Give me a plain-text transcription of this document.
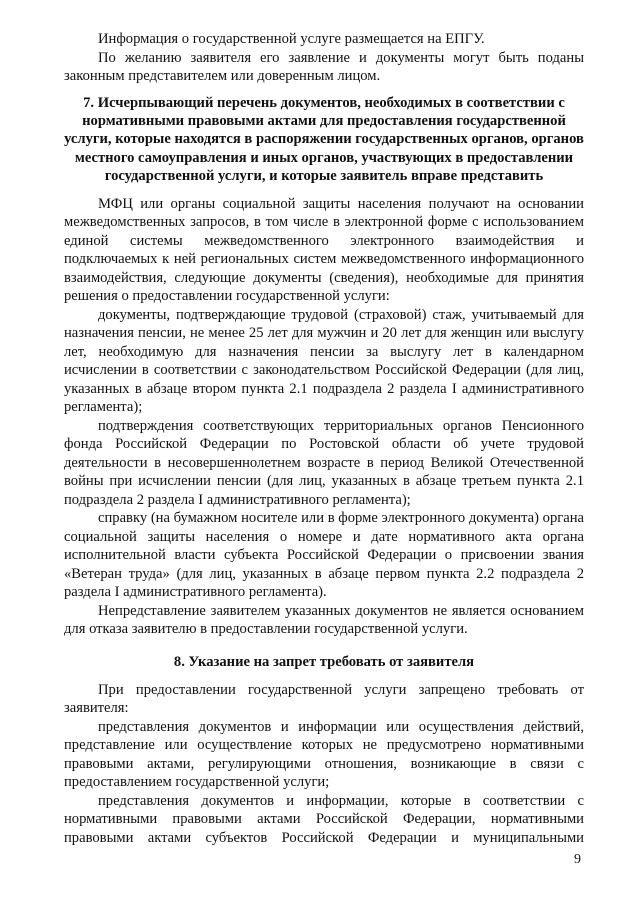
Информация о государственной услуге размещается на ЕПГУ.

По желанию заявителя его заявление и документы могут быть поданы законным представителем или доверенным лицом.

7. Исчерпывающий перечень документов, необходимых в соответствии с нормативными правовыми актами для предоставления государственной услуги, которые находятся в распоряжении государственных органов, органов местного самоуправления и иных органов, участвующих в предоставлении государственной услуги, и которые заявитель вправе представить

МФЦ или органы социальной защиты населения получают на основании межведомственных запросов, в том числе в электронной форме с использованием единой системы межведомственного электронного взаимодействия и подключаемых к ней региональных систем межведомственного информационного взаимодействия, следующие документы (сведения), необходимые для принятия решения о предоставлении государственной услуги:

документы, подтверждающие трудовой (страховой) стаж, учитываемый для назначения пенсии, не менее 25 лет для мужчин и 20 лет для женщин или выслугу лет, необходимую для назначения пенсии за выслугу лет в календарном исчислении в соответствии с законодательством Российской Федерации (для лиц, указанных в абзаце втором пункта 2.1 подраздела 2 раздела I административного регламента);

подтверждения соответствующих территориальных органов Пенсионного фонда Российской Федерации по Ростовской области об учете трудовой деятельности в несовершеннолетнем возрасте в период Великой Отечественной войны при исчислении пенсии (для лиц, указанных в абзаце третьем пункта 2.1 подраздела 2 раздела I административного регламента);

справку (на бумажном носителе или в форме электронного документа) органа социальной защиты населения о номере и дате нормативного акта органа исполнительной власти субъекта Российской Федерации о присвоении звания «Ветеран труда» (для лиц, указанных в абзаце первом пункта 2.2 подраздела 2 раздела I административного регламента).

Непредставление заявителем указанных документов не является основанием для отказа заявителю в предоставлении государственной услуги.

8. Указание на запрет требовать от заявителя

При предоставлении государственной услуги запрещено требовать от заявителя:

представления документов и информации или осуществления действий, представление или осуществление которых не предусмотрено нормативными правовыми актами, регулирующими отношения, возникающие в связи с предоставлением государственной услуги;

представления документов и информации, которые в соответствии с нормативными правовыми актами Российской Федерации, нормативными правовыми актами субъектов Российской Федерации и муниципальными

9
